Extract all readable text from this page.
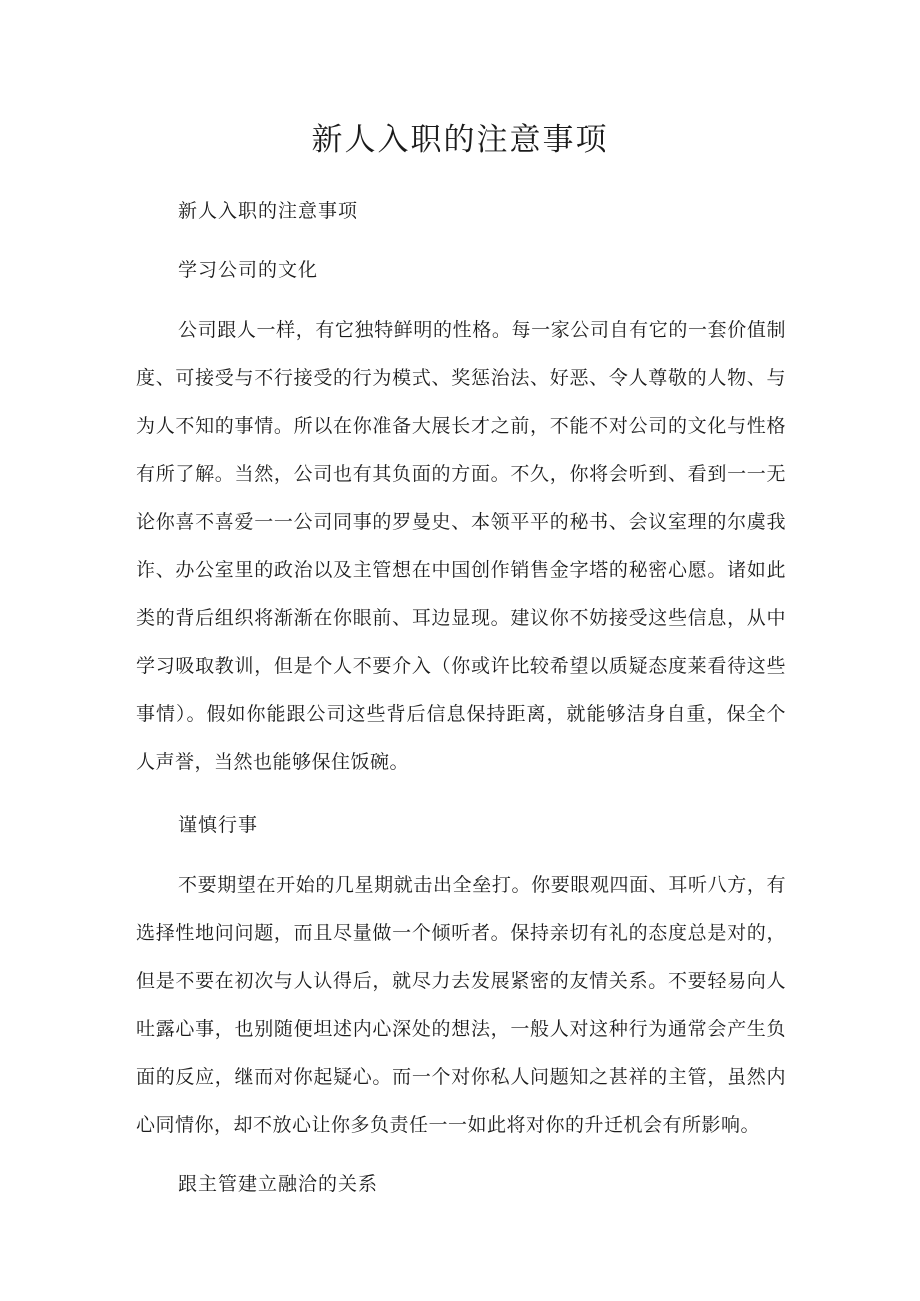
新人入职的注意事项

新人入职的注意事项

学习公司的文化

公司跟人一样，有它独特鲜明的性格。每一家公司自有它的一套价值制度、可接受与不行接受的行为模式、奖惩治法、好恶、令人尊敬的人物、与为人不知的事情。所以在你准备大展长才之前，不能不对公司的文化与性格有所了解。当然，公司也有其负面的方面。不久，你将会听到、看到一一无论你喜不喜爱一一公司同事的罗曼史、本领平平的秘书、会议室理的尔虞我诈、办公室里的政治以及主管想在中国创作销售金字塔的秘密心愿。诸如此类的背后组织将渐渐在你眼前、耳边显现。建议你不妨接受这些信息，从中学习吸取教训，但是个人不要介入（你或许比较希望以质疑态度莱看待这些事情）。假如你能跟公司这些背后信息保持距离，就能够洁身自重，保全个人声誉，当然也能够保住饭碗。

谨慎行事

不要期望在开始的几星期就击出全垒打。你要眼观四面、耳听八方，有选择性地问问题，而且尽量做一个倾听者。保持亲切有礼的态度总是对的，但是不要在初次与人认得后，就尽力去发展紧密的友情关系。不要轻易向人吐露心事，也别随便坦述内心深处的想法，一般人对这种行为通常会产生负面的反应，继而对你起疑心。而一个对你私人问题知之甚祥的主管，虽然内心同情你，却不放心让你多负责任一一如此将对你的升迁机会有所影响。

跟主管建立融洽的关系
